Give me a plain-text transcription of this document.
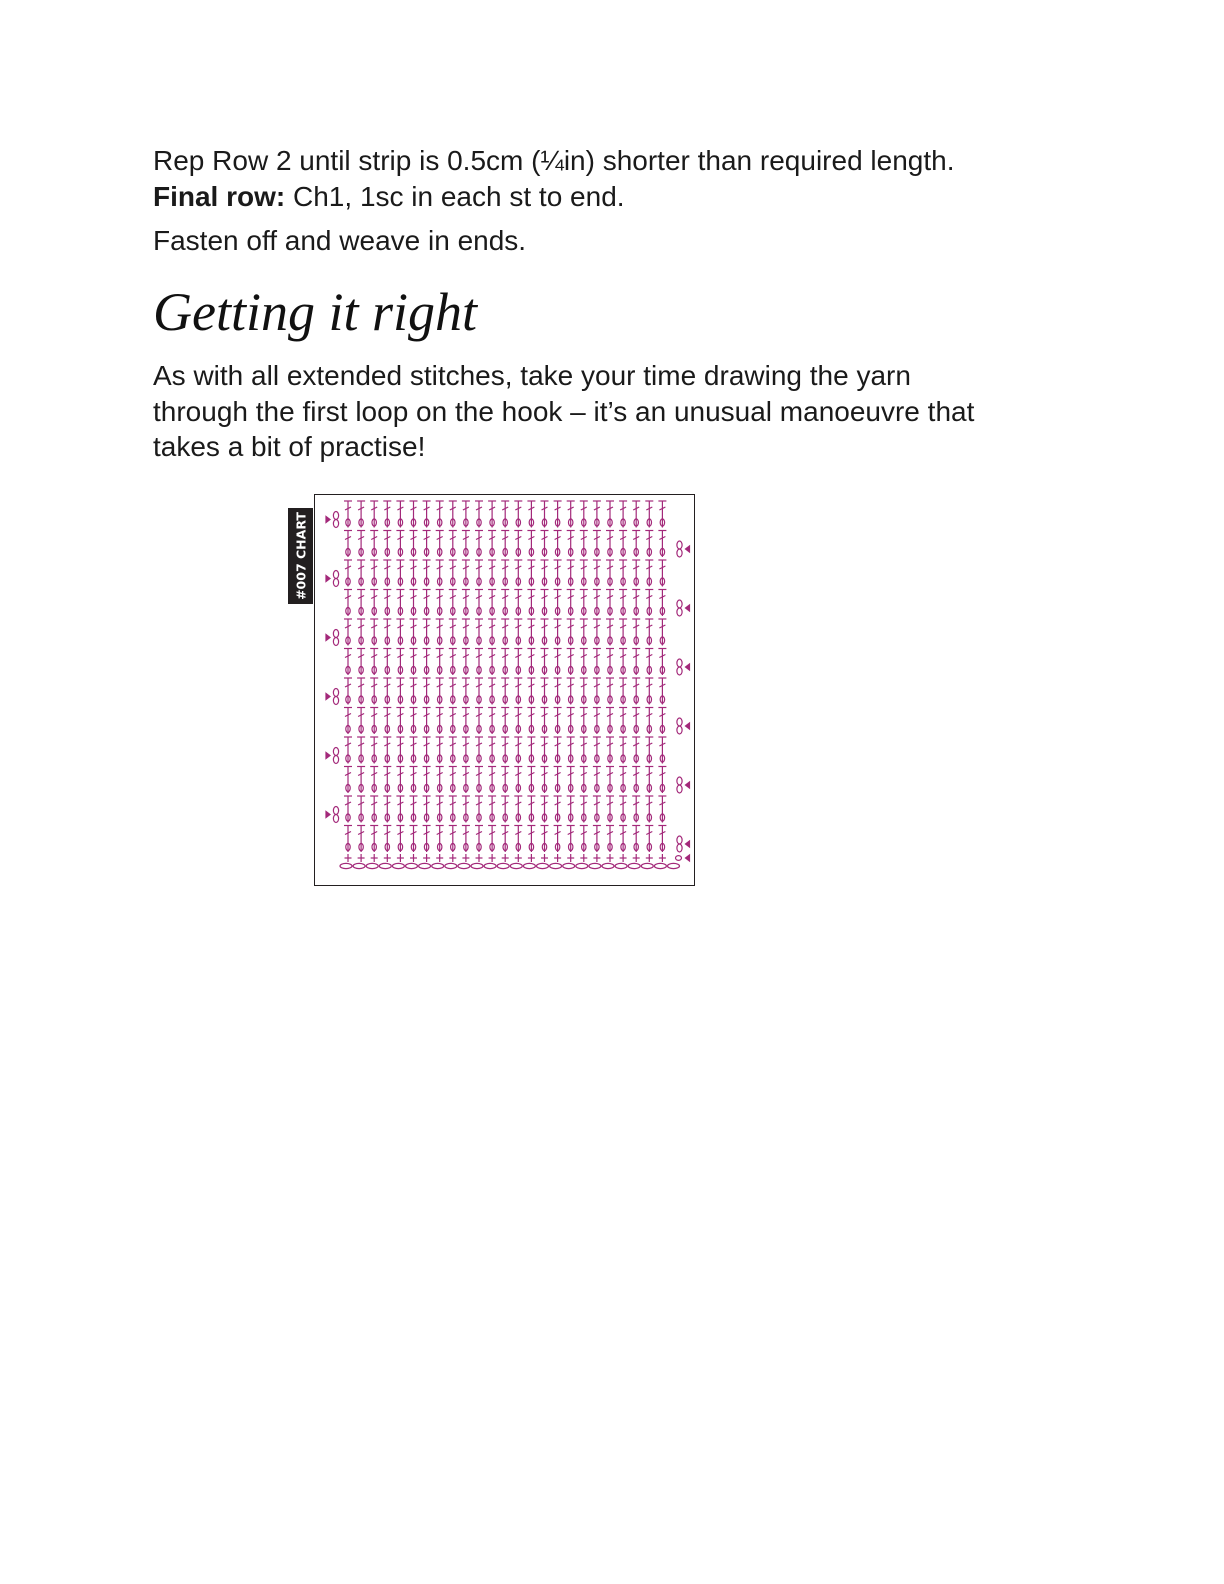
Rep Row 2 until strip is 0.5cm (¼in) shorter than required length.
Final row: Ch1, 1sc in each st to end.

Fasten off and weave in ends.

Getting it right
As with all extended stitches, take your time drawing the yarn
through the first loop on the hook – it’s an unusual manoeuvre that
takes a bit of practise!
#007 CHART
